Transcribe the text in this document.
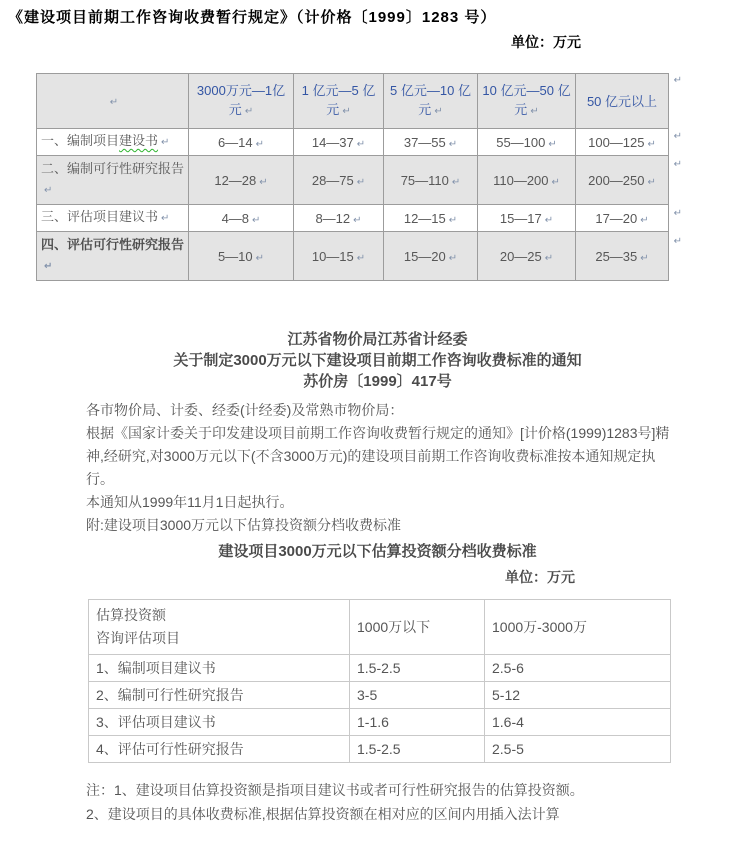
《建设项目前期工作咨询收费暂行规定》（计价格〔1999〕1283 号）
单位：万元
↵	3000万元—1亿元 ↵	1 亿元—5 亿元 ↵	5 亿元—10 亿元 ↵	10 亿元—50 亿元 ↵	50 亿元以上
一、编制项目建设书 ↵	6—14 ↵	14—37 ↵	37—55 ↵	55—100 ↵	100—125 ↵
二、编制可行性研究报告↵	12—28 ↵	28—75 ↵	75—110 ↵	110—200 ↵	200—250 ↵
三、评估项目建议书 ↵	4—8 ↵	8—12 ↵	12—15 ↵	15—17 ↵	17—20 ↵
四、评估可行性研究报告↵	5—10 ↵	10—15 ↵	15—20 ↵	20—25 ↵	25—35 ↵
↵
↵
↵
↵
↵
江苏省物价局江苏省计经委
关于制定3000万元以下建设项目前期工作咨询收费标准的通知
苏价房〔1999〕417号

各市物价局、计委、经委(计经委)及常熟市物价局：

根据《国家计委关于印发建设项目前期工作咨询收费暂行规定的通知》[计价格(1999)1283号]精神,经研究,对3000万元以下(不含3000万元)的建设项目前期工作咨询收费标准按本通知规定执行。

本通知从1999年11月1日起执行。

附:建设项目3000万元以下估算投资额分档收费标准

建设项目3000万元以下估算投资额分档收费标准
单位：万元
估算投资额
咨询评估项目	1000万以下	1000万-3000万
1、编制项目建议书	1.5-2.5	2.5-6
2、编制可行性研究报告	3-5	5-12
3、评估项目建议书	1-1.6	1.6-4
4、评估可行性研究报告	1.5-2.5	2.5-5

注：1、建设项目估算投资额是指项目建议书或者可行性研究报告的估算投资额。

2、建设项目的具体收费标准,根据估算投资额在相对应的区间内用插入法计算
